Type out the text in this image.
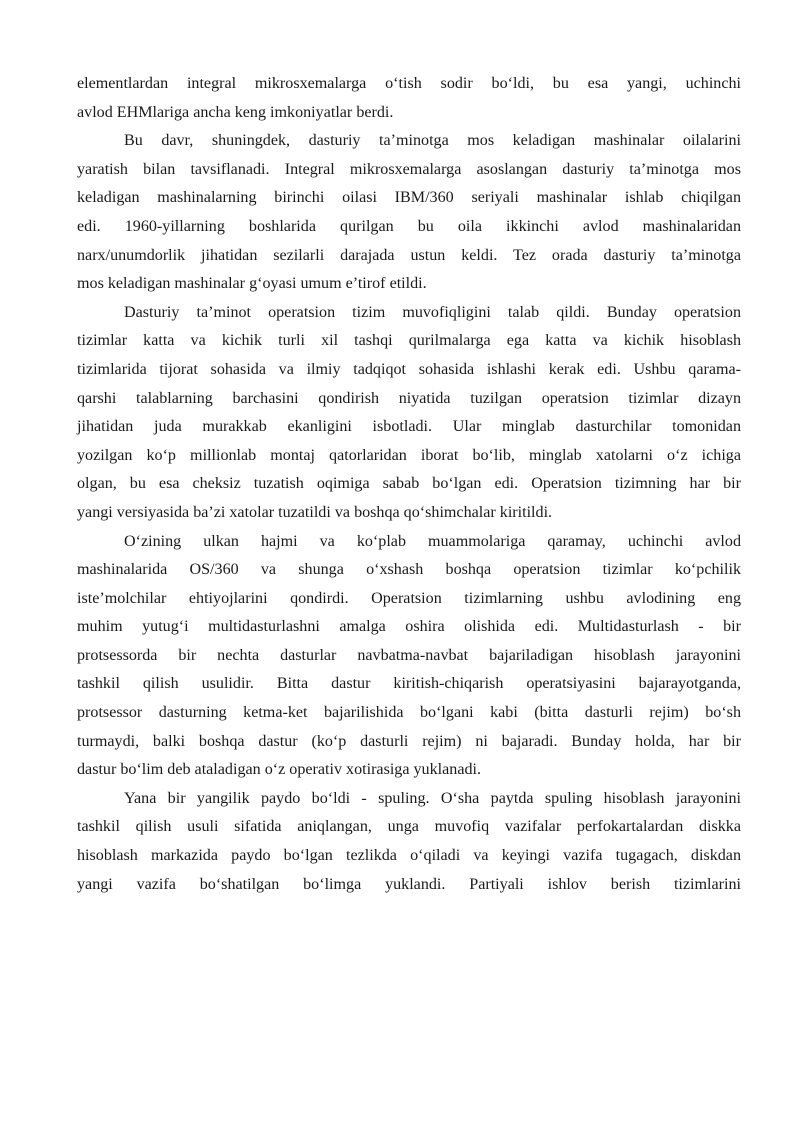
elementlardan integral mikrosxemalarga o‘tish sodir bo‘ldi, bu esa yangi, uchinchi
avlod EHMlariga ancha keng imkoniyatlar berdi.
Bu davr, shuningdek, dasturiy ta’minotga mos keladigan mashinalar oilalarini
yaratish bilan tavsiflanadi. Integral mikrosxemalarga asoslangan dasturiy ta’minotga mos
keladigan mashinalarning birinchi oilasi IBM/360 seriyali mashinalar ishlab chiqilgan
edi. 1960-yillarning boshlarida qurilgan bu oila ikkinchi avlod mashinalaridan
narx/unumdorlik jihatidan sezilarli darajada ustun keldi. Tez orada dasturiy ta’minotga
mos keladigan mashinalar g‘oyasi umum e’tirof etildi.
Dasturiy ta’minot operatsion tizim muvofiqligini talab qildi. Bunday operatsion
tizimlar katta va kichik turli xil tashqi qurilmalarga ega katta va kichik hisoblash
tizimlarida tijorat sohasida va ilmiy tadqiqot sohasida ishlashi kerak edi. Ushbu qarama-
qarshi talablarning barchasini qondirish niyatida tuzilgan operatsion tizimlar dizayn
jihatidan juda murakkab ekanligini isbotladi. Ular minglab dasturchilar tomonidan
yozilgan ko‘p millionlab montaj qatorlaridan iborat bo‘lib, minglab xatolarni o‘z ichiga
olgan, bu esa cheksiz tuzatish oqimiga sabab bo‘lgan edi. Operatsion tizimning har bir
yangi versiyasida ba’zi xatolar tuzatildi va boshqa qo‘shimchalar kiritildi.
O‘zining ulkan hajmi va ko‘plab muammolariga qaramay, uchinchi avlod
mashinalarida OS/360 va shunga o‘xshash boshqa operatsion tizimlar ko‘pchilik
iste’molchilar ehtiyojlarini qondirdi. Operatsion tizimlarning ushbu avlodining eng
muhim yutug‘i multidasturlashni amalga oshira olishida edi. Multidasturlash - bir
protsessorda bir nechta dasturlar navbatma-navbat bajariladigan hisoblash jarayonini
tashkil qilish usulidir. Bitta dastur kiritish-chiqarish operatsiyasini bajarayotganda,
protsessor dasturning ketma-ket bajarilishida bo‘lgani kabi (bitta dasturli rejim) bo‘sh
turmaydi, balki boshqa dastur (ko‘p dasturli rejim) ni bajaradi. Bunday holda, har bir
dastur bo‘lim deb ataladigan o‘z operativ xotirasiga yuklanadi.
Yana bir yangilik paydo bo‘ldi - spuling. O‘sha paytda spuling hisoblash jarayonini
tashkil qilish usuli sifatida aniqlangan, unga muvofiq vazifalar perfokartalardan diskka
hisoblash markazida paydo bo‘lgan tezlikda o‘qiladi va keyingi vazifa tugagach, diskdan
yangi vazifa bo‘shatilgan bo‘limga yuklandi. Partiyali ishlov berish tizimlarini
